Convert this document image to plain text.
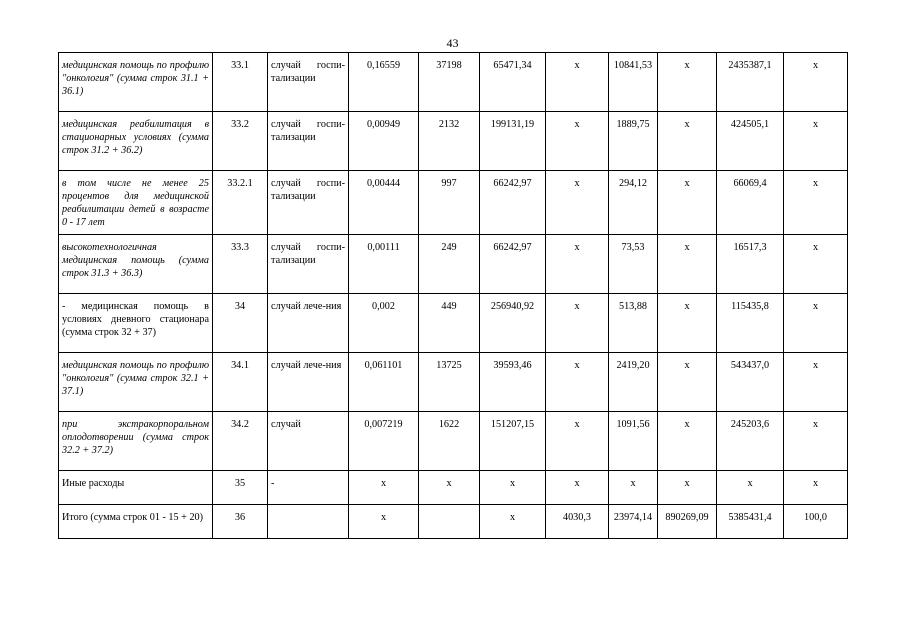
43
медицинская помощь по профилю "онкология" (сумма строк 31.1 + 36.1)	33.1	случай госпи-тализации	0,16559	37198	65471,34	х	10841,53	х	2435387,1	х
медицинская реабилитация в стационарных условиях (сумма строк 31.2 + 36.2)	33.2	случай госпи-тализации	0,00949	2132	199131,19	х	1889,75	х	424505,1	х
в том числе не менее 25 процентов для медицинской реабилитации детей в возрасте 0 - 17 лет	33.2.1	случай госпи-тализации	0,00444	997	66242,97	х	294,12	х	66069,4	х
высокотехнологичная медицинская помощь (сумма строк 31.3 + 36.3)	33.3	случай госпи-тализации	0,00111	249	66242,97	х	73,53	х	16517,3	х
- медицинская помощь в условиях дневного стационара (сумма строк 32 + 37)	34	случай лече-ния	0,002	449	256940,92	х	513,88	х	115435,8	х
медицинская помощь по профилю "онкология" (сумма строк 32.1 + 37.1)	34.1	случай лече-ния	0,061101	13725	39593,46	х	2419,20	х	543437,0	х
при экстракорпоральном оплодотворении (сумма строк 32.2 + 37.2)	34.2	случай	0,007219	1622	151207,15	х	1091,56	х	245203,6	х
Иные расходы	35	-	х	х	х	х	х	х	х	х
Итого (сумма строк 01 - 15 + 20)	36		х		х	4030,3	23974,14	890269,09	5385431,4	100,0
